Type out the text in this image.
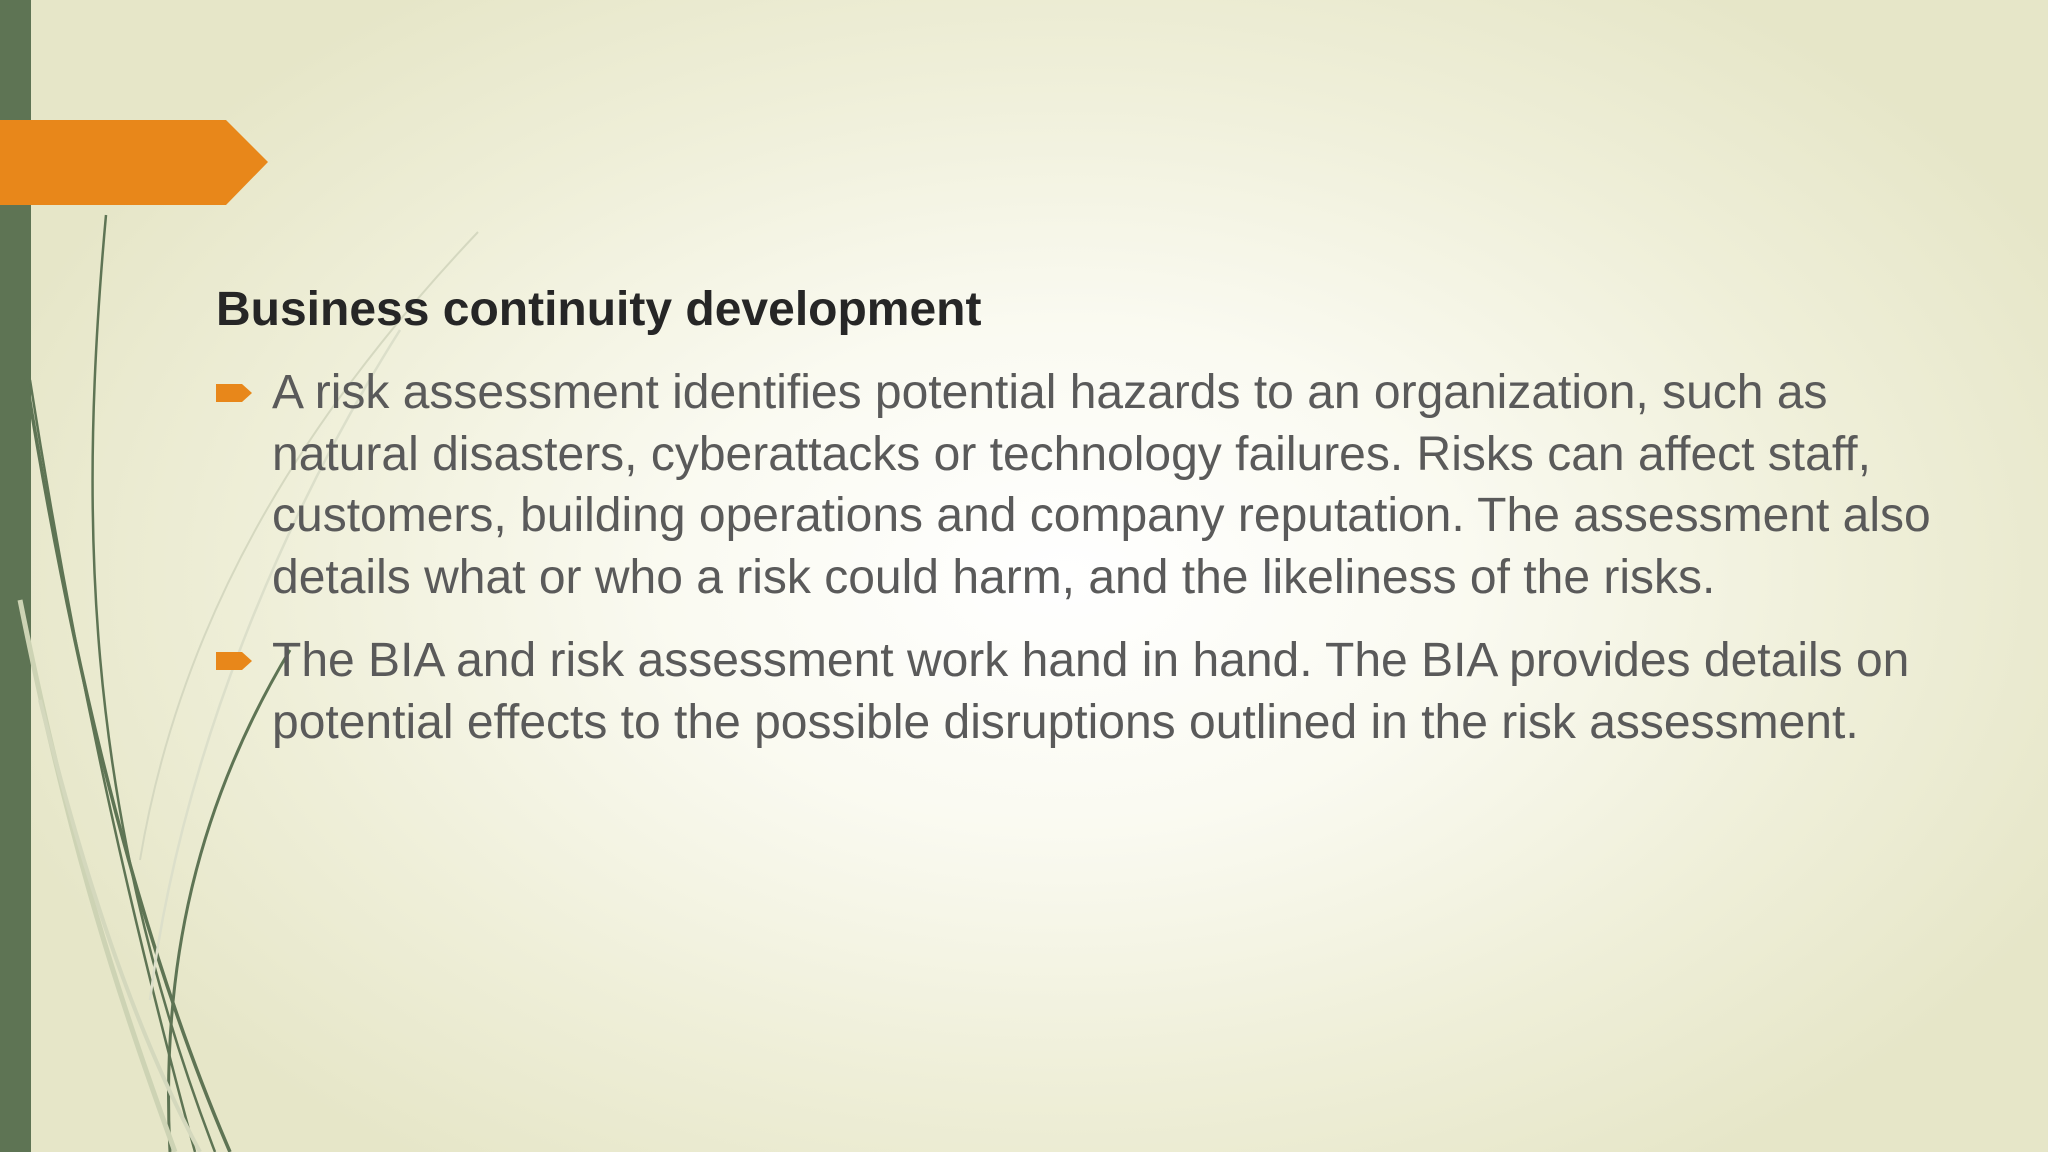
Business continuity development
A risk assessment identifies potential hazards to an organization, such as natural disasters, cyberattacks or technology failures. Risks can affect staff, customers, building operations and company reputation. The assessment also details what or who a risk could harm, and the likeliness of the risks.
The BIA and risk assessment work hand in hand. The BIA provides details on potential effects to the possible disruptions outlined in the risk assessment.
